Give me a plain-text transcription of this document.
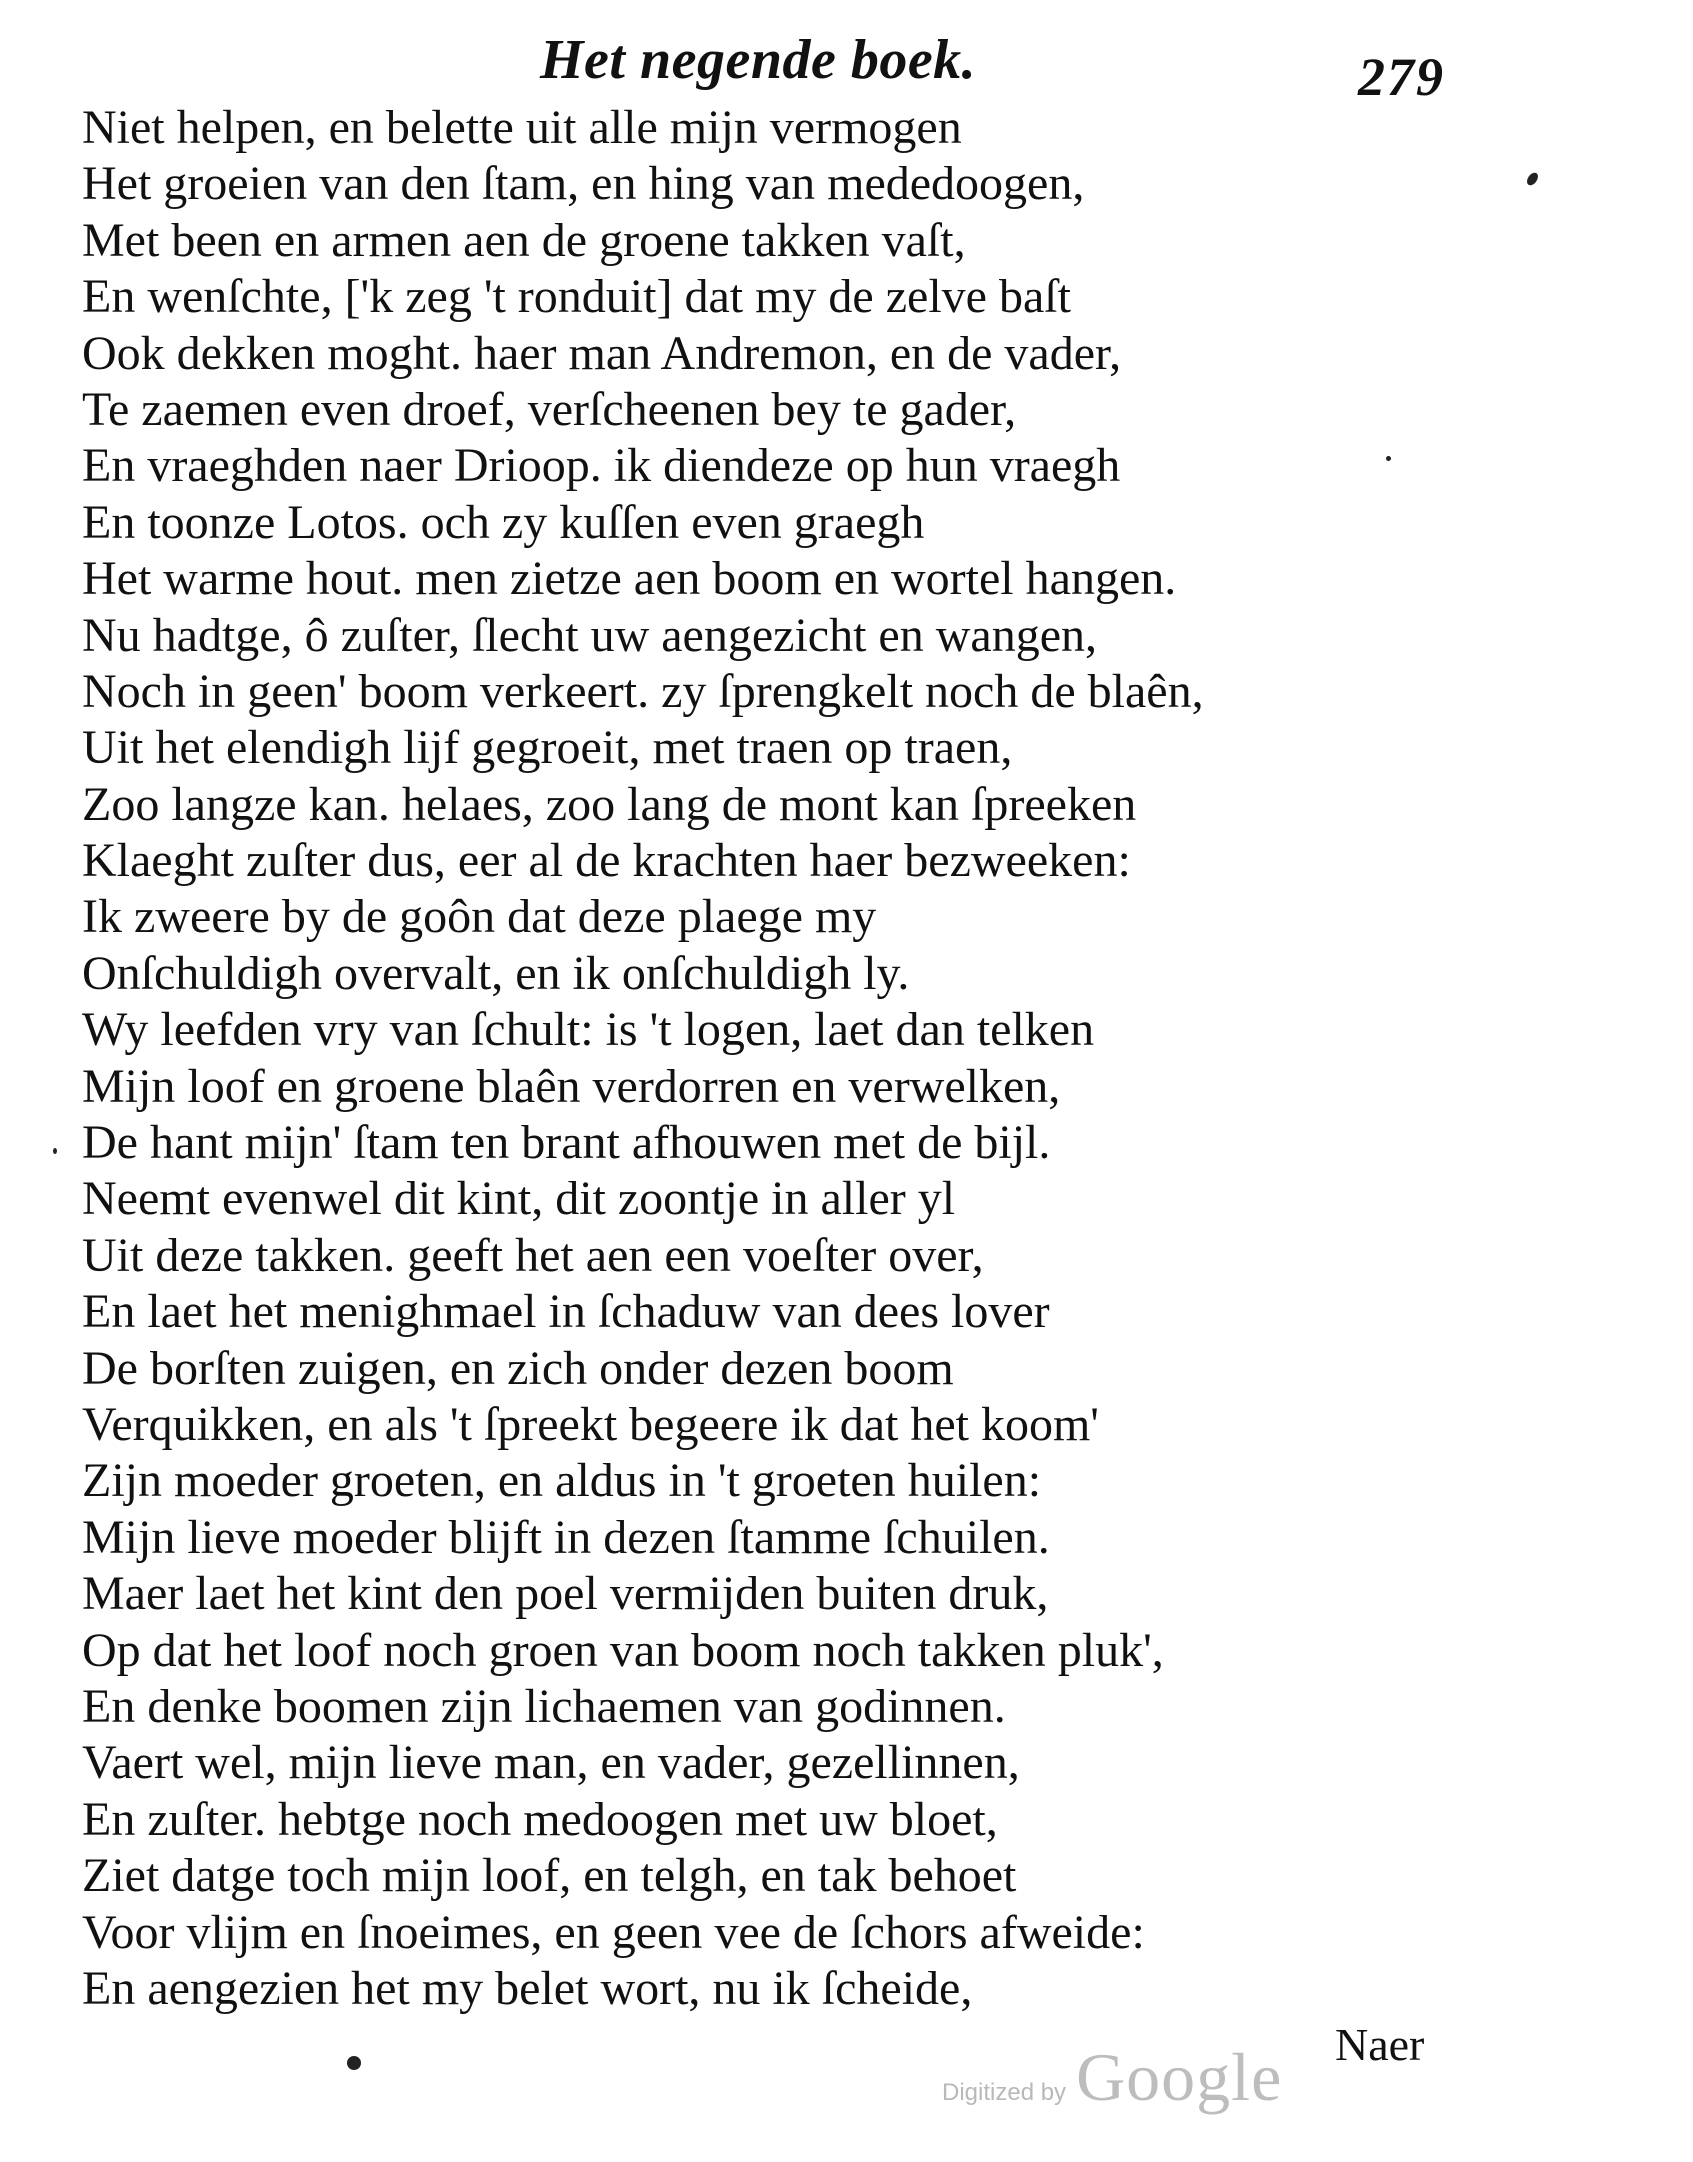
Het negende boek.	279
Niet helpen, en belette uit alle mijn vermogen
Het groeien van den ſtam, en hing van mededoogen,
Met been en armen aen de groene takken vaſt,
En wenſchte, ['k zeg 't ronduit] dat my de zelve baſt
Ook dekken moght. haer man Andremon, en de vader,
Te zaemen even droef, verſcheenen bey te gader,
En vraeghden naer Drioop. ik diendeze op hun vraegh
En toonze Lotos. och zy kuſſen even graegh
Het warme hout. men zietze aen boom en wortel hangen.
Nu hadtge, ô zuſter, ſlecht uw aengezicht en wangen,
Noch in geen' boom verkeert. zy ſprengkelt noch de blaên,
Uit het elendigh lijf gegroeit, met traen op traen,
Zoo langze kan. helaes, zoo lang de mont kan ſpreeken
Klaeght zuſter dus, eer al de krachten haer bezweeken:
Ik zweere by de goôn dat deze plaege my
Onſchuldigh overvalt, en ik onſchuldigh ly.
Wy leefden vry van ſchult: is 't logen, laet dan telken
Mijn loof en groene blaên verdorren en verwelken,
De hant mijn' ſtam ten brant afhouwen met de bijl.
Neemt evenwel dit kint, dit zoontje in aller yl
Uit deze takken. geeft het aen een voeſter over,
En laet het menighmael in ſchaduw van dees lover
De borſten zuigen, en zich onder dezen boom
Verquikken, en als 't ſpreekt begeere ik dat het koom'
Zijn moeder groeten, en aldus in 't groeten huilen:
Mijn lieve moeder blijft in dezen ſtamme ſchuilen.
Maer laet het kint den poel vermijden buiten druk,
Op dat het loof noch groen van boom noch takken pluk',
En denke boomen zijn lichaemen van godinnen.
Vaert wel, mijn lieve man, en vader, gezellinnen,
En zuſter. hebtge noch medoogen met uw bloet,
Ziet datge toch mijn loof, en telgh, en tak behoet
Voor vlijm en ſnoeimes, en geen vee de ſchors afweide:
En aengezien het my belet wort, nu ik ſcheide,
Naer
Digitized by Google
